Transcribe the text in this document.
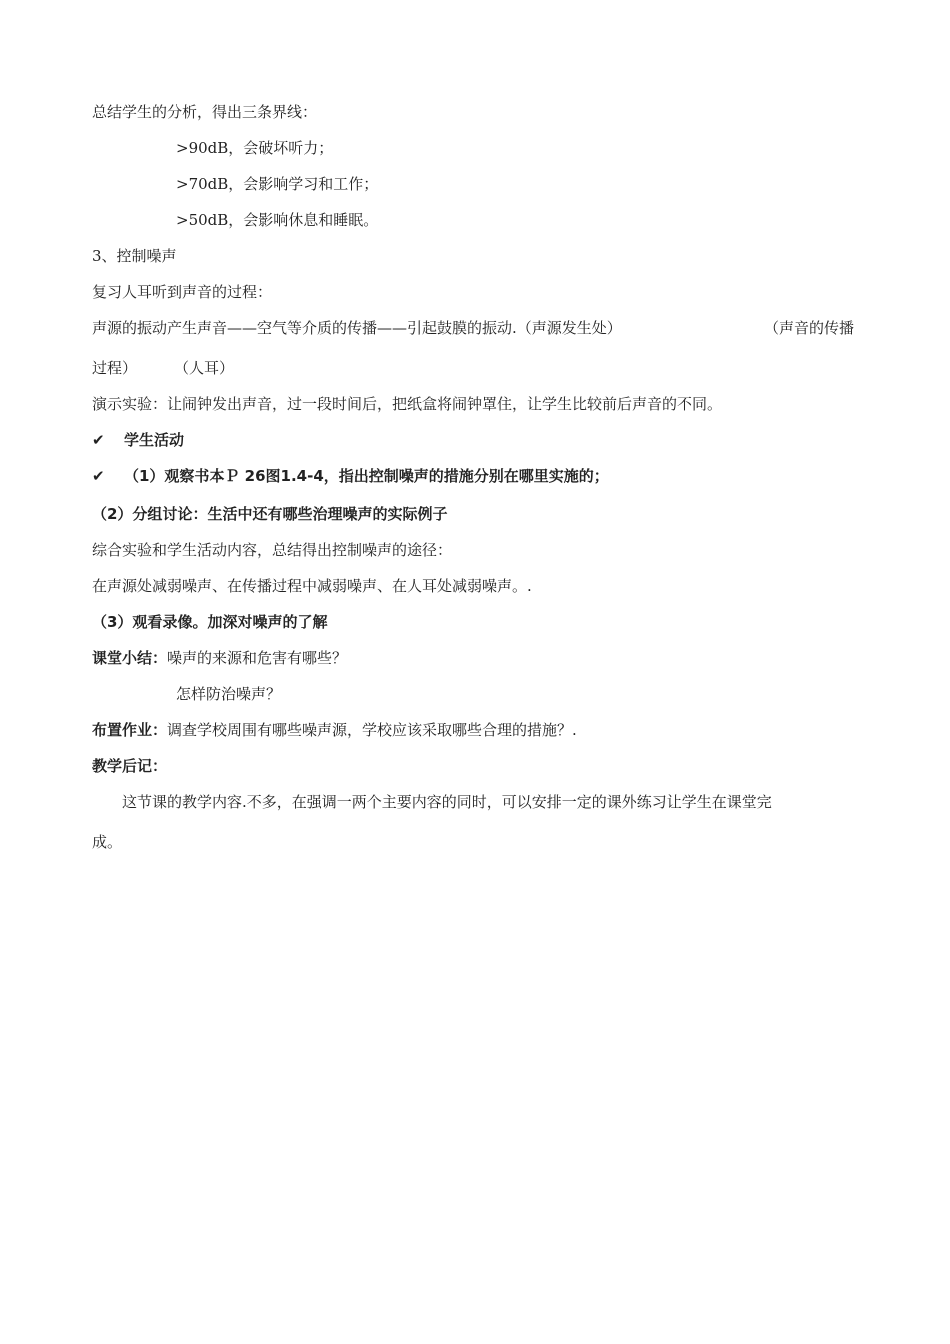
总结学生的分析，得出三条界线：
>90dB，会破坏听力；
>70dB，会影响学习和工作；
>50dB，会影响休息和睡眠。
3、控制噪声
复习人耳听到声音的过程：
声源的振动产生声音——空气等介质的传播——引起鼓膜的振动.（声源发生处）	（声音的传播
过程） （人耳）
演示实验：让闹钟发出声音，过一段时间后，把纸盒将闹钟罩住，让学生比较前后声音的不同。
✔ 学生活动
✔ （1）观察书本Ｐ 26图1.4-4，指出控制噪声的措施分别在哪里实施的；
（2）分组讨论：生活中还有哪些治理噪声的实际例子
综合实验和学生活动内容，总结得出控制噪声的途径：
在声源处减弱噪声、在传播过程中减弱噪声、在人耳处减弱噪声。.
（3）观看录像。加深对噪声的了解
课堂小结：噪声的来源和危害有哪些？
怎样防治噪声？
布置作业：调查学校周围有哪些噪声源，学校应该采取哪些合理的措施？.
教学后记：
这节课的教学内容.不多，在强调一两个主要内容的同时，可以安排一定的课外练习让学生在课堂完
成。
